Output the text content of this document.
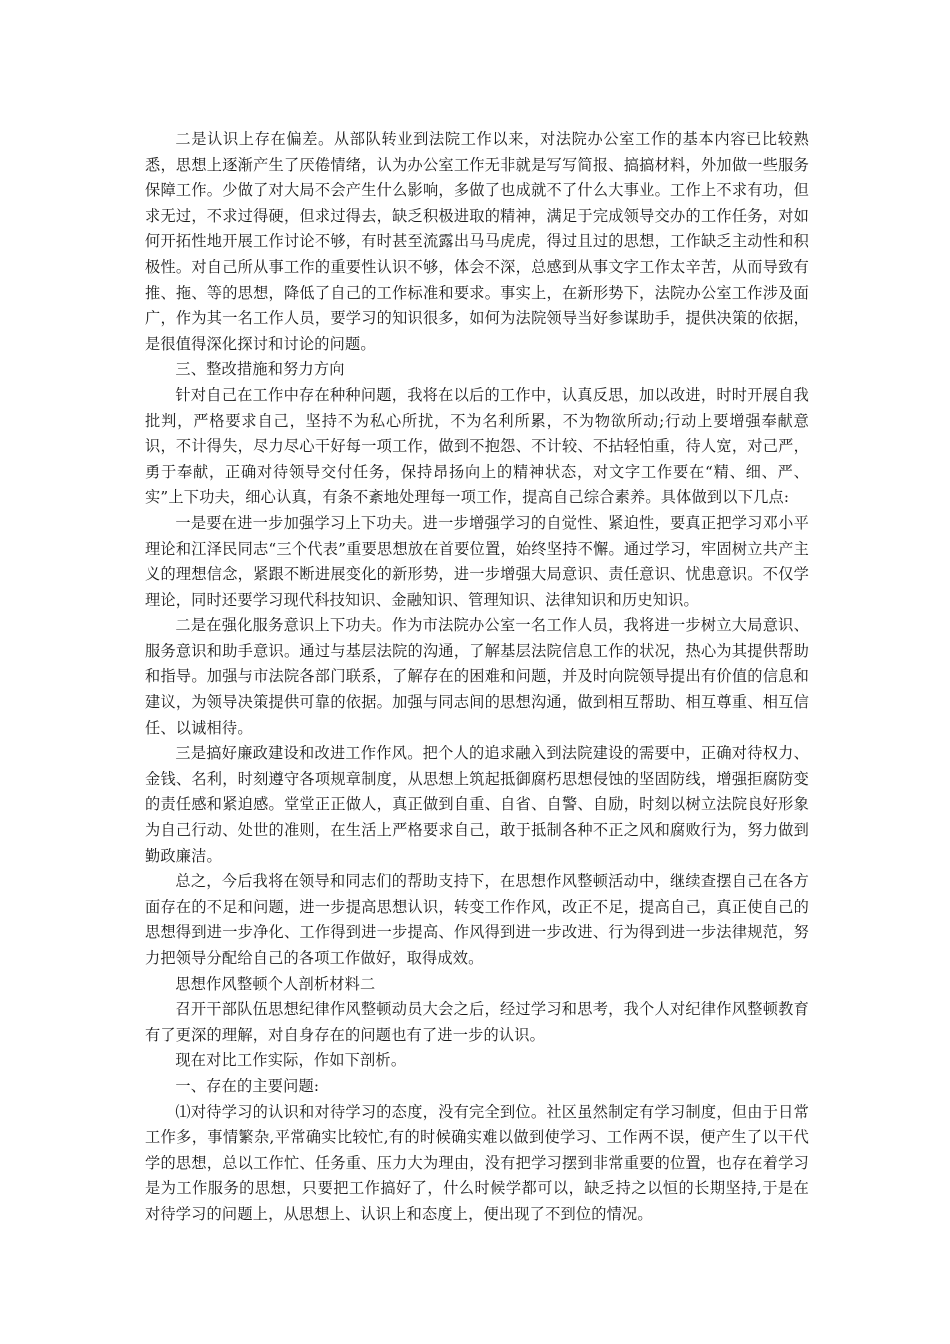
二是认识上存在偏差。从部队转业到法院工作以来，对法院办公室工作的基本内容已比较熟悉，思想上逐渐产生了厌倦情绪，认为办公室工作无非就是写写简报、搞搞材料，外加做一些服务保障工作。少做了对大局不会产生什么影响，多做了也成就不了什么大事业。工作上不求有功，但求无过，不求过得硬，但求过得去，缺乏积极进取的精神，满足于完成领导交办的工作任务，对如何开拓性地开展工作讨论不够，有时甚至流露出马马虎虎，得过且过的思想，工作缺乏主动性和积极性。对自己所从事工作的重要性认识不够，体会不深，总感到从事文字工作太辛苦，从而导致有推、拖、等的思想，降低了自己的工作标准和要求。事实上，在新形势下，法院办公室工作涉及面广，作为其一名工作人员，要学习的知识很多，如何为法院领导当好参谋助手，提供决策的依据，是很值得深化探讨和讨论的问题。

三、整改措施和努力方向

针对自己在工作中存在种种问题，我将在以后的工作中，认真反思，加以改进，时时开展自我批判，严格要求自己，坚持不为私心所扰，不为名利所累，不为物欲所动;行动上要增强奉献意识，不计得失，尽力尽心干好每一项工作，做到不抱怨、不计较、不拈轻怕重，待人宽，对己严，勇于奉献，正确对待领导交付任务，保持昂扬向上的精神状态，对文字工作要在“精、细、严、实”上下功夫，细心认真，有条不紊地处理每一项工作，提高自己综合素养。具体做到以下几点:

一是要在进一步加强学习上下功夫。进一步增强学习的自觉性、紧迫性，要真正把学习邓小平理论和江泽民同志“三个代表”重要思想放在首要位置，始终坚持不懈。通过学习，牢固树立共产主义的理想信念，紧跟不断进展变化的新形势，进一步增强大局意识、责任意识、忧患意识。不仅学理论，同时还要学习现代科技知识、金融知识、管理知识、法律知识和历史知识。

二是在强化服务意识上下功夫。作为市法院办公室一名工作人员，我将进一步树立大局意识、服务意识和助手意识。通过与基层法院的沟通，了解基层法院信息工作的状况，热心为其提供帮助和指导。加强与市法院各部门联系，了解存在的困难和问题，并及时向院领导提出有价值的信息和建议，为领导决策提供可靠的依据。加强与同志间的思想沟通，做到相互帮助、相互尊重、相互信任、以诚相待。

三是搞好廉政建设和改进工作作风。把个人的追求融入到法院建设的需要中，正确对待权力、金钱、名利，时刻遵守各项规章制度，从思想上筑起抵御腐朽思想侵蚀的坚固防线，增强拒腐防变的责任感和紧迫感。堂堂正正做人，真正做到自重、自省、自警、自励，时刻以树立法院良好形象为自己行动、处世的准则，在生活上严格要求自己，敢于抵制各种不正之风和腐败行为，努力做到勤政廉洁。

总之，今后我将在领导和同志们的帮助支持下，在思想作风整顿活动中，继续查摆自己在各方面存在的不足和问题，进一步提高思想认识，转变工作作风，改正不足，提高自己，真正使自己的思想得到进一步净化、工作得到进一步提高、作风得到进一步改进、行为得到进一步法律规范，努力把领导分配给自己的各项工作做好，取得成效。

思想作风整顿个人剖析材料二

召开干部队伍思想纪律作风整顿动员大会之后，经过学习和思考，我个人对纪律作风整顿教育有了更深的理解，对自身存在的问题也有了进一步的认识。

现在对比工作实际，作如下剖析。

一、存在的主要问题:

⑴对待学习的认识和对待学习的态度，没有完全到位。社区虽然制定有学习制度，但由于日常工作多，事情繁杂,平常确实比较忙,有的时候确实难以做到使学习、工作两不误，便产生了以干代学的思想，总以工作忙、任务重、压力大为理由，没有把学习摆到非常重要的位置，也存在着学习是为工作服务的思想，只要把工作搞好了，什么时候学都可以，缺乏持之以恒的长期坚持,于是在对待学习的问题上，从思想上、认识上和态度上，便出现了不到位的情况。
